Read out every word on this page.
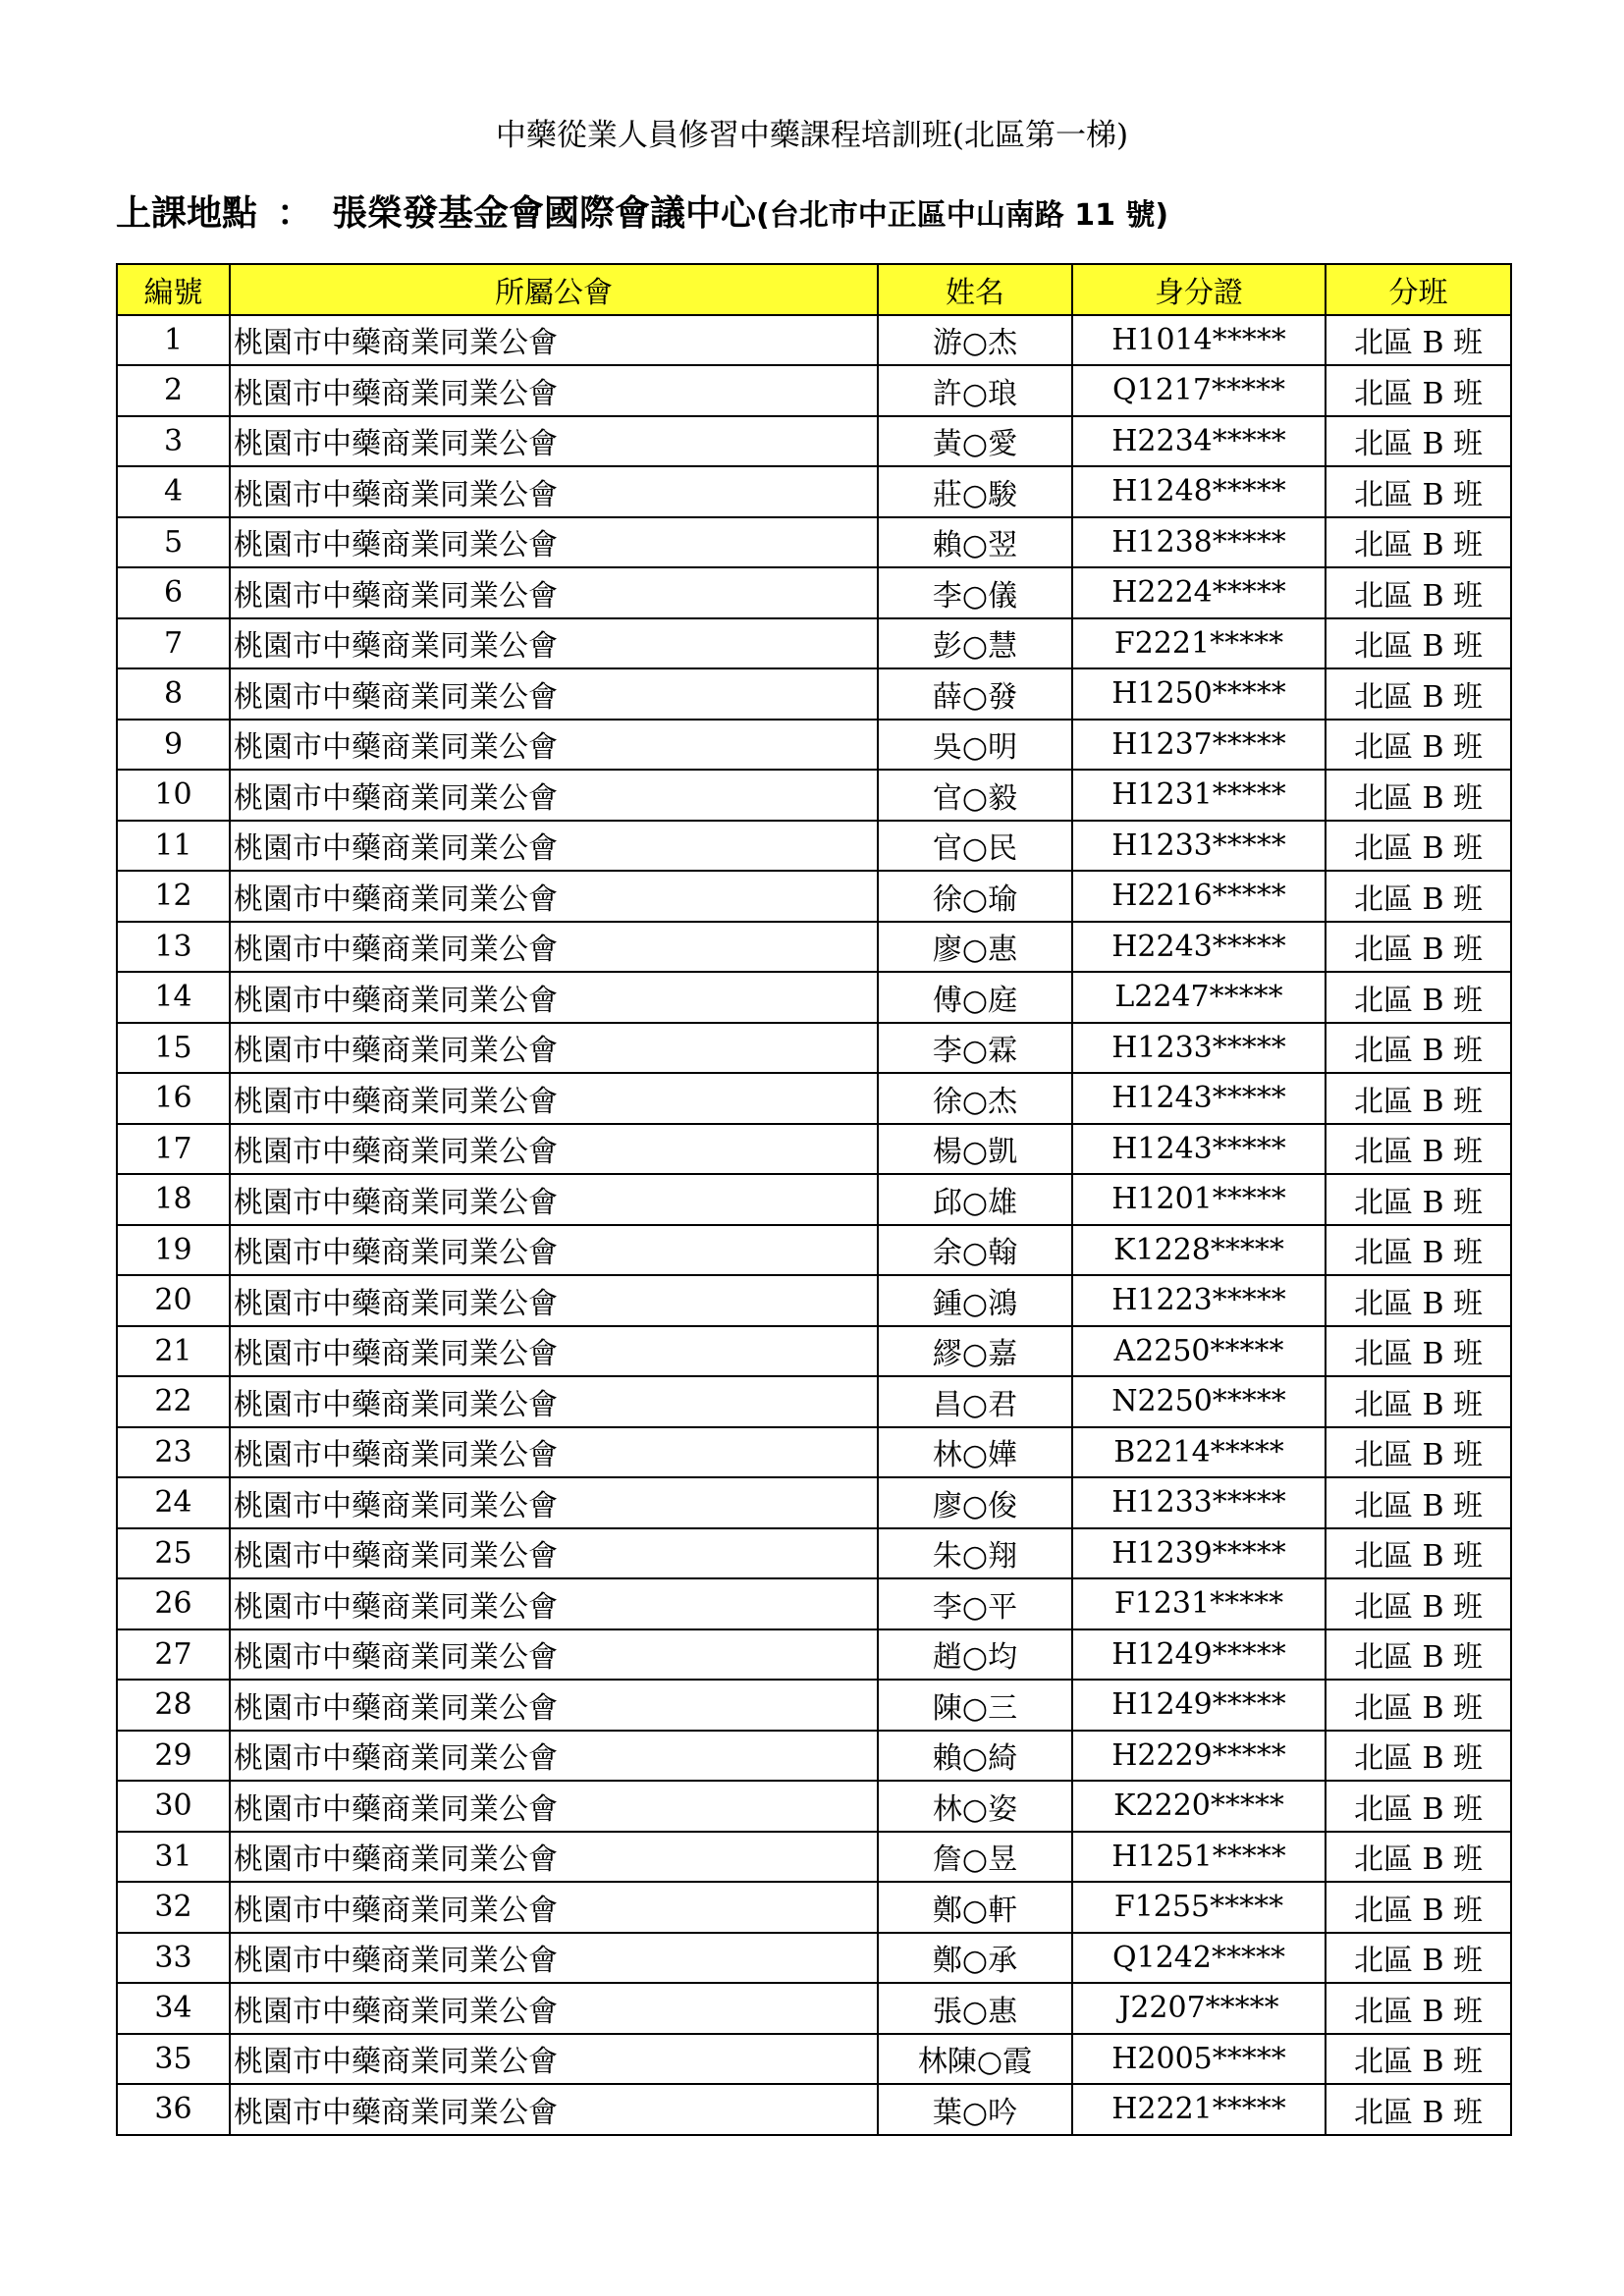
中藥從業人員修習中藥課程培訓班(北區第一梯)
上課地點 ： 張榮發基金會國際會議中心(台北市中正區中山南路 11 號)
編號	所屬公會	姓名	身分證	分班
1	桃園市中藥商業同業公會	游○杰	H1014*****	北區 B 班
2	桃園市中藥商業同業公會	許○琅	Q1217*****	北區 B 班
3	桃園市中藥商業同業公會	黃○愛	H2234*****	北區 B 班
4	桃園市中藥商業同業公會	莊○駿	H1248*****	北區 B 班
5	桃園市中藥商業同業公會	賴○翌	H1238*****	北區 B 班
6	桃園市中藥商業同業公會	李○儀	H2224*****	北區 B 班
7	桃園市中藥商業同業公會	彭○慧	F2221*****	北區 B 班
8	桃園市中藥商業同業公會	薛○發	H1250*****	北區 B 班
9	桃園市中藥商業同業公會	吳○明	H1237*****	北區 B 班
10	桃園市中藥商業同業公會	官○毅	H1231*****	北區 B 班
11	桃園市中藥商業同業公會	官○民	H1233*****	北區 B 班
12	桃園市中藥商業同業公會	徐○瑜	H2216*****	北區 B 班
13	桃園市中藥商業同業公會	廖○惠	H2243*****	北區 B 班
14	桃園市中藥商業同業公會	傅○庭	L2247*****	北區 B 班
15	桃園市中藥商業同業公會	李○霖	H1233*****	北區 B 班
16	桃園市中藥商業同業公會	徐○杰	H1243*****	北區 B 班
17	桃園市中藥商業同業公會	楊○凱	H1243*****	北區 B 班
18	桃園市中藥商業同業公會	邱○雄	H1201*****	北區 B 班
19	桃園市中藥商業同業公會	余○翰	K1228*****	北區 B 班
20	桃園市中藥商業同業公會	鍾○鴻	H1223*****	北區 B 班
21	桃園市中藥商業同業公會	繆○嘉	A2250*****	北區 B 班
22	桃園市中藥商業同業公會	昌○君	N2250*****	北區 B 班
23	桃園市中藥商業同業公會	林○嬅	B2214*****	北區 B 班
24	桃園市中藥商業同業公會	廖○俊	H1233*****	北區 B 班
25	桃園市中藥商業同業公會	朱○翔	H1239*****	北區 B 班
26	桃園市中藥商業同業公會	李○平	F1231*****	北區 B 班
27	桃園市中藥商業同業公會	趙○均	H1249*****	北區 B 班
28	桃園市中藥商業同業公會	陳○三	H1249*****	北區 B 班
29	桃園市中藥商業同業公會	賴○綺	H2229*****	北區 B 班
30	桃園市中藥商業同業公會	林○姿	K2220*****	北區 B 班
31	桃園市中藥商業同業公會	詹○昱	H1251*****	北區 B 班
32	桃園市中藥商業同業公會	鄭○軒	F1255*****	北區 B 班
33	桃園市中藥商業同業公會	鄭○承	Q1242*****	北區 B 班
34	桃園市中藥商業同業公會	張○惠	J2207*****	北區 B 班
35	桃園市中藥商業同業公會	林陳○霞	H2005*****	北區 B 班
36	桃園市中藥商業同業公會	葉○吟	H2221*****	北區 B 班
